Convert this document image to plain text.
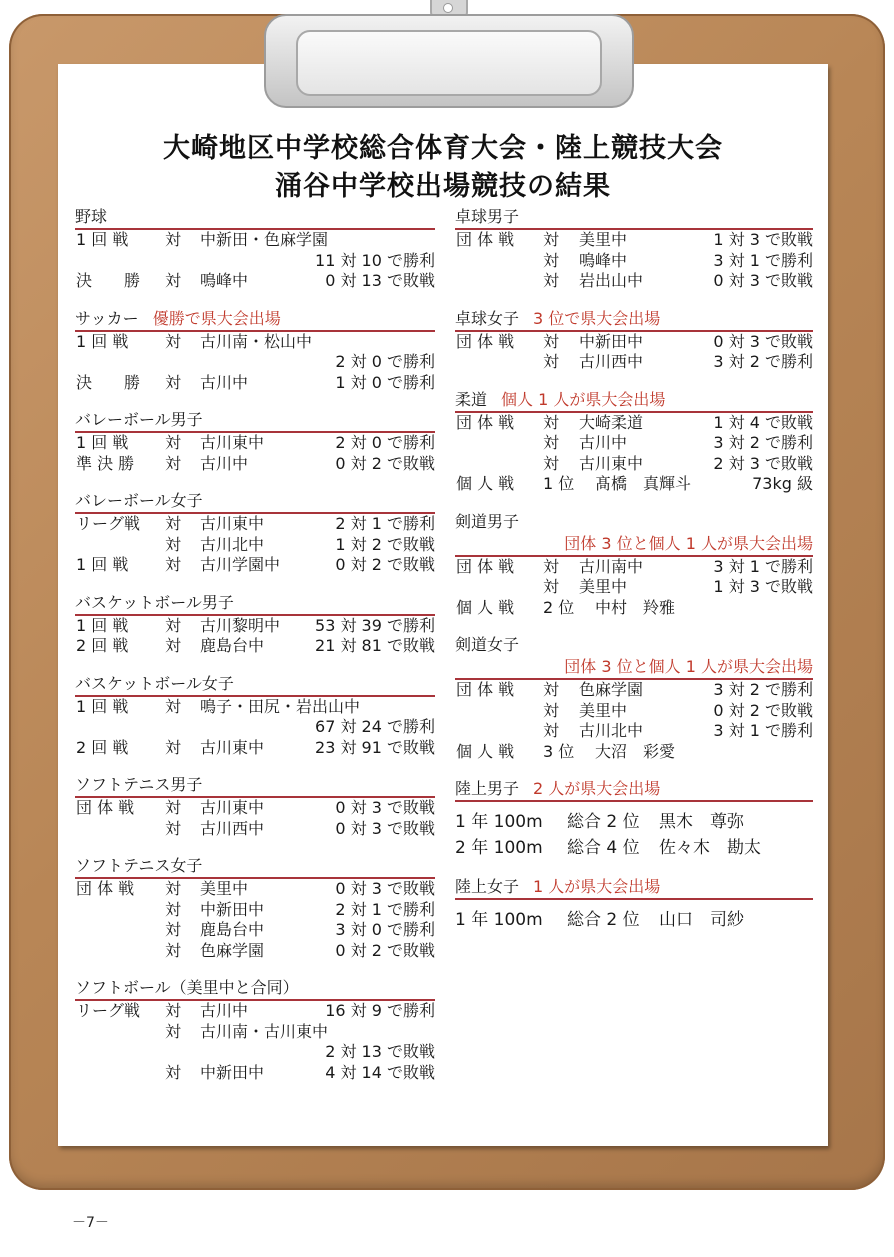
大崎地区中学校総合体育大会・陸上競技大会
涌谷中学校出場競技の結果
野球
1 回 戦 対 中新田・色麻学園
11 対 10 で勝利
決　　勝 対 鳴峰中	0 対 13 で敗戦
サッカー 優勝で県大会出場
1 回 戦 対 古川南・松山中
2 対 0 で勝利
決　　勝 対 古川中	1 対 0 で勝利
バレーボール男子
1 回 戦 対 古川東中	2 対 0 で勝利
準 決 勝 対 古川中	0 対 2 で敗戦
バレーボール女子
リーグ戦 対 古川東中	2 対 1 で勝利
対 古川北中	1 対 2 で敗戦
1 回 戦 対 古川学園中	0 対 2 で敗戦
バスケットボール男子
1 回 戦 対 古川黎明中 53 対 39 で勝利
2 回 戦 対 鹿島台中	21 対 81 で敗戦
バスケットボール女子
1 回 戦 対 鳴子・田尻・岩出山中
67 対 24 で勝利
2 回 戦 対 古川東中	23 対 91 で敗戦
ソフトテニス男子
団 体 戦 対 古川東中	0 対 3 で敗戦
対 古川西中	0 対 3 で敗戦
ソフトテニス女子
団 体 戦 対 美里中	0 対 3 で敗戦
対 中新田中	2 対 1 で勝利
対 鹿島台中	3 対 0 で勝利
対 色麻学園	0 対 2 で敗戦
ソフトボール（美里中と合同）
リーグ戦 対 古川中	16 対 9 で勝利
対 古川南・古川東中
2 対 13 で敗戦
対 中新田中	4 対 14 で敗戦
卓球男子
団 体 戦 対 美里中	1 対 3 で敗戦
対 鳴峰中	3 対 1 で勝利
対 岩出山中	0 対 3 で敗戦
卓球女子 3 位で県大会出場
団 体 戦 対 中新田中	0 対 3 で敗戦
対 古川西中	3 対 2 で勝利
柔道 個人 1 人が県大会出場
団 体 戦 対 大崎柔道	1 対 4 で敗戦
対 古川中	3 対 2 で勝利
対 古川東中	2 対 3 で敗戦
個 人 戦 1 位 髙橋　真輝斗	73kg 級
剣道男子
団体 3 位と個人 1 人が県大会出場
団 体 戦 対 古川南中	3 対 1 で勝利
対 美里中	1 対 3 で敗戦
個 人 戦 2 位 中村　羚雅
剣道女子
団体 3 位と個人 1 人が県大会出場
団 体 戦 対 色麻学園	3 対 2 で勝利
対 美里中	0 対 2 で敗戦
対 古川北中	3 対 1 で勝利
個 人 戦 3 位 大沼　彩愛
陸上男子 2 人が県大会出場
1 年 100m 総合 2 位 黒木　尊弥
2 年 100m 総合 4 位 佐々木　勘太
陸上女子 1 人が県大会出場
1 年 100m 総合 2 位 山口　司紗
－7－
